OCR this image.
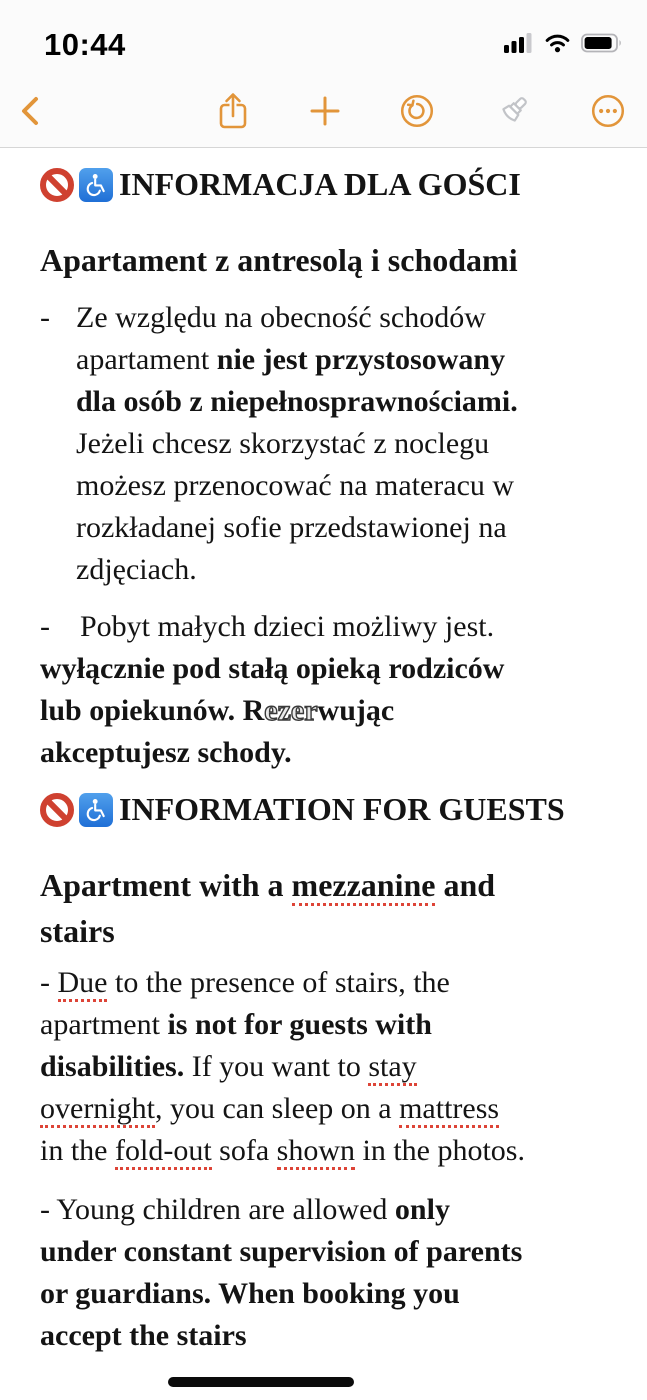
10:44
INFORMACJA DLA GOŚCI
Apartament z antresolą i schodami
- Ze względu na obecność schodów
apartament nie jest przystosowany
dla osób z niepełnosprawnościami.
Jeżeli chcesz skorzystać z noclegu
możesz przenocować na materacu w
rozkładanej sofie przedstawionej na
zdjęciach.
- Pobyt małych dzieci możliwy jest.
wyłącznie pod stałą opieką rodziców
lub opiekunów. Rezerwując
akceptujesz schody.
INFORMATION FOR GUESTS
Apartment with a mezzanine and
stairs
- Due to the presence of stairs, the
apartment is not for guests with
disabilities. If you want to stay
overnight, you can sleep on a mattress
in the fold-out sofa shown in the photos.
- Young children are allowed only
under constant supervision of parents
or guardians. When booking you
accept the stairs
